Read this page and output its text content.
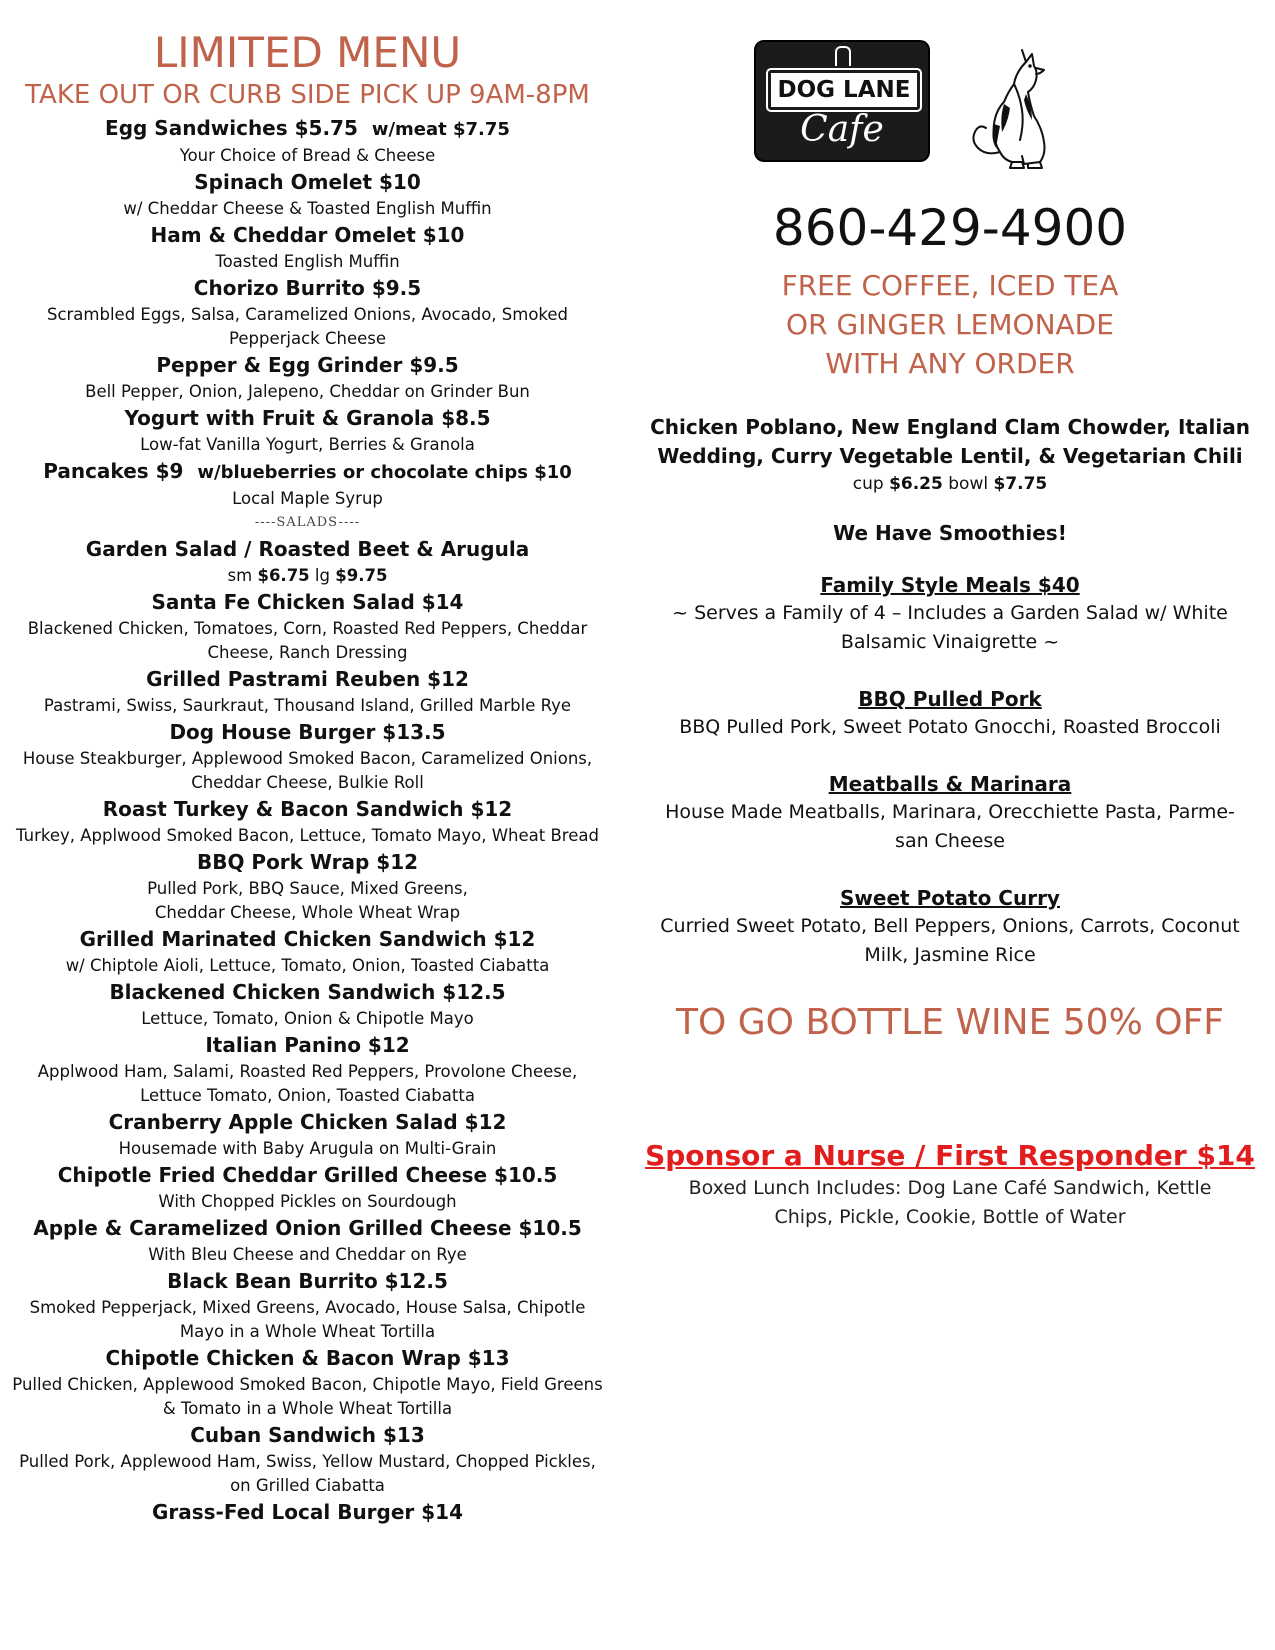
LIMITED MENU
TAKE OUT OR CURB SIDE PICK UP 9AM-8PM
Egg Sandwiches $5.75 w/meat $7.75
Your Choice of Bread & Cheese
Spinach Omelet $10
w/ Cheddar Cheese & Toasted English Muffin
Ham & Cheddar Omelet $10
Toasted English Muffin
Chorizo Burrito $9.5
Scrambled Eggs, Salsa, Caramelized Onions, Avocado, Smoked
Pepperjack Cheese
Pepper & Egg Grinder $9.5
Bell Pepper, Onion, Jalepeno, Cheddar on Grinder Bun
Yogurt with Fruit & Granola $8.5
Low-fat Vanilla Yogurt, Berries & Granola
Pancakes $9 w/blueberries or chocolate chips $10
Local Maple Syrup
----SALADS----
Garden Salad / Roasted Beet & Arugula
sm $6.75 lg $9.75
Santa Fe Chicken Salad $14
Blackened Chicken, Tomatoes, Corn, Roasted Red Peppers, Cheddar
Cheese, Ranch Dressing
Grilled Pastrami Reuben $12
Pastrami, Swiss, Saurkraut, Thousand Island, Grilled Marble Rye
Dog House Burger $13.5
House Steakburger, Applewood Smoked Bacon, Caramelized Onions,
Cheddar Cheese, Bulkie Roll
Roast Turkey & Bacon Sandwich $12
Turkey, Applwood Smoked Bacon, Lettuce, Tomato Mayo, Wheat Bread
BBQ Pork Wrap $12
Pulled Pork, BBQ Sauce, Mixed Greens,
Cheddar Cheese, Whole Wheat Wrap
Grilled Marinated Chicken Sandwich $12
w/ Chiptole Aioli, Lettuce, Tomato, Onion, Toasted Ciabatta
Blackened Chicken Sandwich $12.5
Lettuce, Tomato, Onion & Chipotle Mayo
Italian Panino $12
Applwood Ham, Salami, Roasted Red Peppers, Provolone Cheese,
Lettuce Tomato, Onion, Toasted Ciabatta
Cranberry Apple Chicken Salad $12
Housemade with Baby Arugula on Multi-Grain
Chipotle Fried Cheddar Grilled Cheese $10.5
With Chopped Pickles on Sourdough
Apple & Caramelized Onion Grilled Cheese $10.5
With Bleu Cheese and Cheddar on Rye
Black Bean Burrito $12.5
Smoked Pepperjack, Mixed Greens, Avocado, House Salsa, Chipotle
Mayo in a Whole Wheat Tortilla
Chipotle Chicken & Bacon Wrap $13
Pulled Chicken, Applewood Smoked Bacon, Chipotle Mayo, Field Greens
& Tomato in a Whole Wheat Tortilla
Cuban Sandwich $13
Pulled Pork, Applewood Ham, Swiss, Yellow Mustard, Chopped Pickles,
on Grilled Ciabatta
Grass-Fed Local Burger $14
DOG LANE
Cafe
860-429-4900
FREE COFFEE, ICED TEA
OR GINGER LEMONADE
WITH ANY ORDER
Chicken Poblano, New England Clam Chowder, Italian
Wedding, Curry Vegetable Lentil, & Vegetarian Chili
cup $6.25 bowl $7.75
We Have Smoothies!
Family Style Meals $40
~ Serves a Family of 4 – Includes a Garden Salad w/ White
Balsamic Vinaigrette ~
BBQ Pulled Pork
BBQ Pulled Pork, Sweet Potato Gnocchi, Roasted Broccoli
Meatballs & Marinara
House Made Meatballs, Marinara, Orecchiette Pasta, Parme-
san Cheese
Sweet Potato Curry
Curried Sweet Potato, Bell Peppers, Onions, Carrots, Coconut
Milk, Jasmine Rice
TO GO BOTTLE WINE 50% OFF
Sponsor a Nurse / First Responder $14
Boxed Lunch Includes: Dog Lane Café Sandwich, Kettle
Chips, Pickle, Cookie, Bottle of Water
